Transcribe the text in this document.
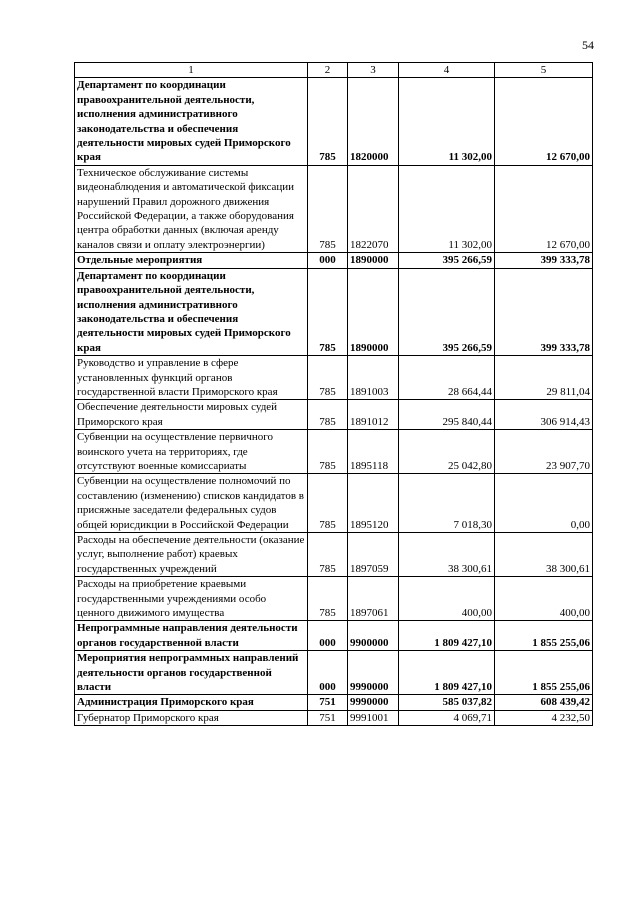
54
1	2	3	4	5
Департамент по координации правоохранительной деятельности, исполнения административного законодательства и обеспечения деятельности мировых судей Приморского края	785	1820000	11 302,00	12 670,00
Техническое обслуживание системы видеонаблюдения и автоматической фиксации нарушений Правил дорожного движения Российской Федерации, а также оборудования центра обработки данных (включая аренду каналов связи и оплату электроэнергии)	785	1822070	11 302,00	12 670,00
Отдельные мероприятия	000	1890000	395 266,59	399 333,78
Департамент по координации правоохранительной деятельности, исполнения административного законодательства и обеспечения деятельности мировых судей Приморского края	785	1890000	395 266,59	399 333,78
Руководство и управление в сфере установленных функций органов государственной власти Приморского края	785	1891003	28 664,44	29 811,04
Обеспечение деятельности мировых судей Приморского края	785	1891012	295 840,44	306 914,43
Субвенции на осуществление первичного воинского учета на территориях, где отсутствуют военные комиссариаты	785	1895118	25 042,80	23 907,70
Субвенции на осуществление полномочий по составлению (изменению) списков кандидатов в присяжные заседатели федеральных судов общей юрисдикции в Российской Федерации	785	1895120	7 018,30	0,00
Расходы на обеспечение деятельности (оказание услуг, выполнение работ) краевых государственных учреждений	785	1897059	38 300,61	38 300,61
Расходы на приобретение краевыми государственными учреждениями особо ценного движимого имущества	785	1897061	400,00	400,00
Непрограммные направления деятельности органов государственной власти	000	9900000	1 809 427,10	1 855 255,06
Мероприятия непрограммных направлений деятельности органов государственной власти	000	9990000	1 809 427,10	1 855 255,06
Администрация Приморского края	751	9990000	585 037,82	608 439,42
Губернатор Приморского края	751	9991001	4 069,71	4 232,50
